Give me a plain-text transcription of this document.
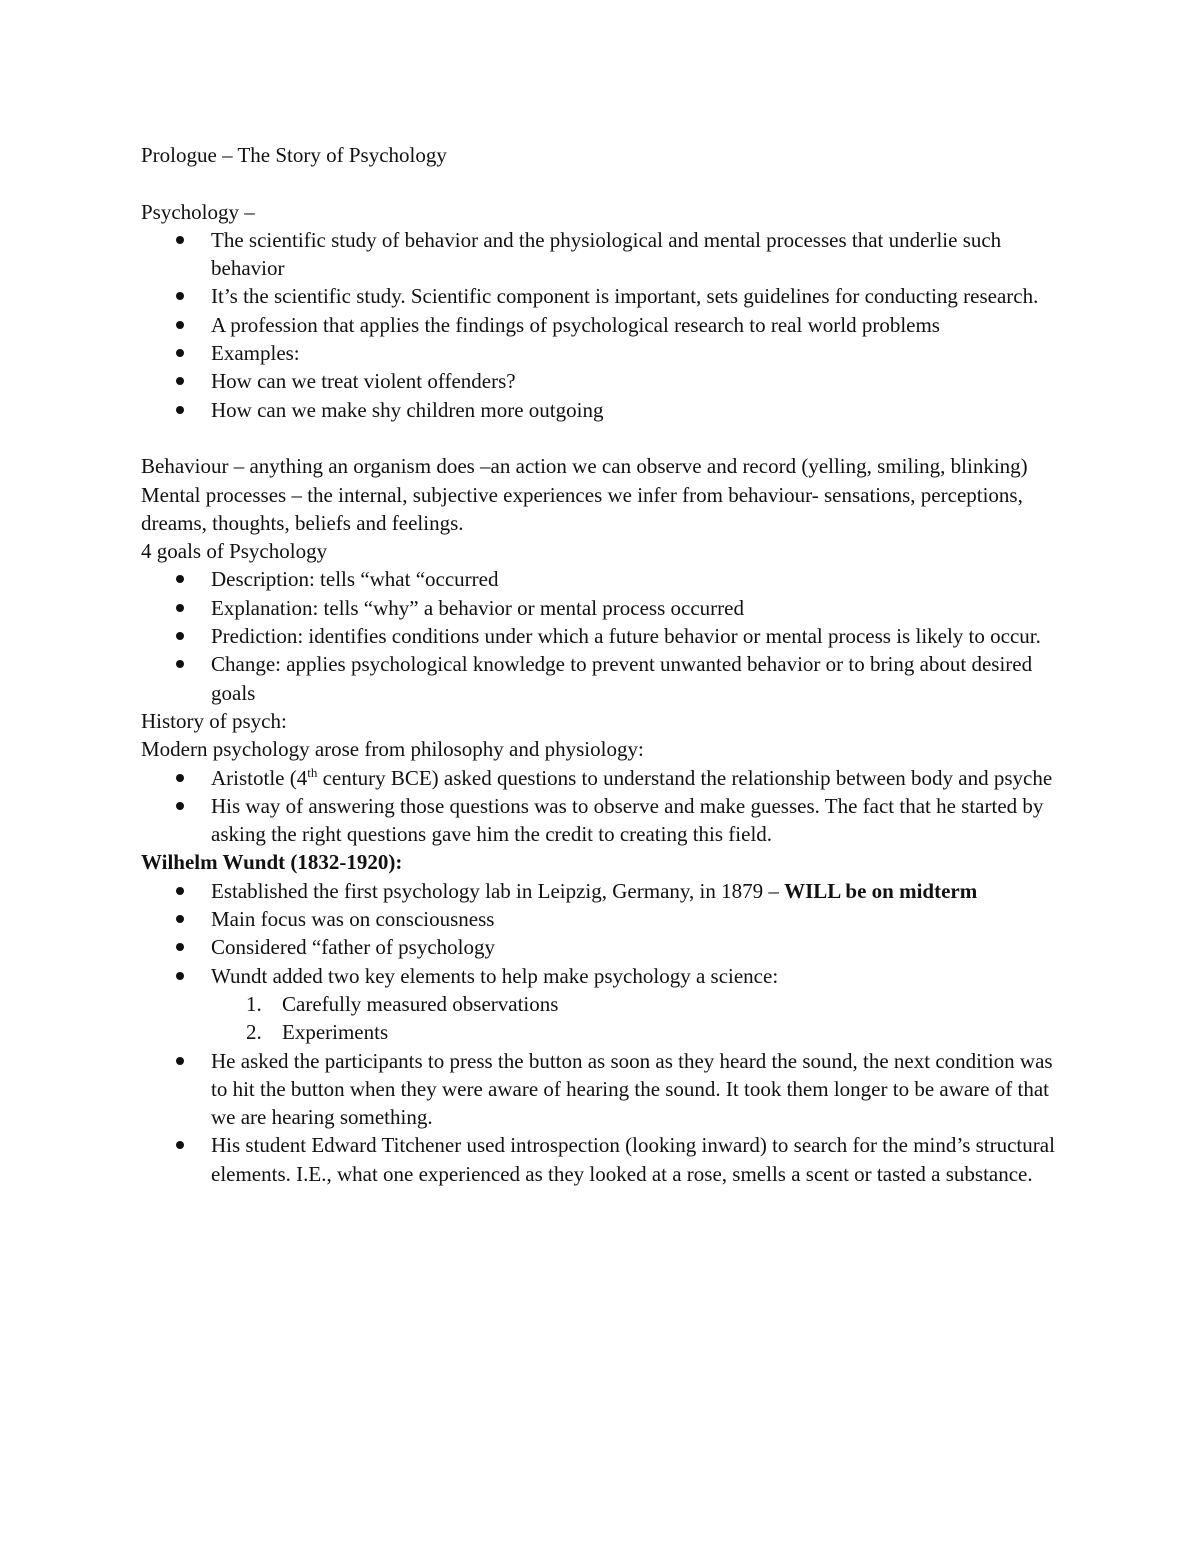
Prologue – The Story of Psychology

Psychology –

The scientific study of behavior and the physiological and mental processes that underlie such behavior
It’s the scientific study. Scientific component is important, sets guidelines for conducting research.
A profession that applies the findings of psychological research to real world problems
Examples:
How can we treat violent offenders?
How can we make shy children more outgoing

Behaviour – anything an organism does –an action we can observe and record (yelling, smiling, blinking)

Mental processes – the internal, subjective experiences we infer from behaviour- sensations, perceptions, dreams, thoughts, beliefs and feelings.

4 goals of Psychology

Description: tells “what “occurred
Explanation: tells “why” a behavior or mental process occurred
Prediction: identifies conditions under which a future behavior or mental process is likely to occur.
Change: applies psychological knowledge to prevent unwanted behavior or to bring about desired goals

History of psych:

Modern psychology arose from philosophy and physiology:

Aristotle (4th century BCE) asked questions to understand the relationship between body and psyche
His way of answering those questions was to observe and make guesses. The fact that he started by asking the right questions gave him the credit to creating this field.

Wilhelm Wundt (1832-1920):

Established the first psychology lab in Leipzig, Germany, in 1879 – WILL be on midterm
Main focus was on consciousness
Considered “father of psychology
Wundt added two key elements to help make psychology a science:
1. Carefully measured observations
2. Experiments
He asked the participants to press the button as soon as they heard the sound, the next condition was to hit the button when they were aware of hearing the sound. It took them longer to be aware of that we are hearing something.
His student Edward Titchener used introspection (looking inward) to search for the mind’s structural elements. I.E., what one experienced as they looked at a rose, smells a scent or tasted a substance.
